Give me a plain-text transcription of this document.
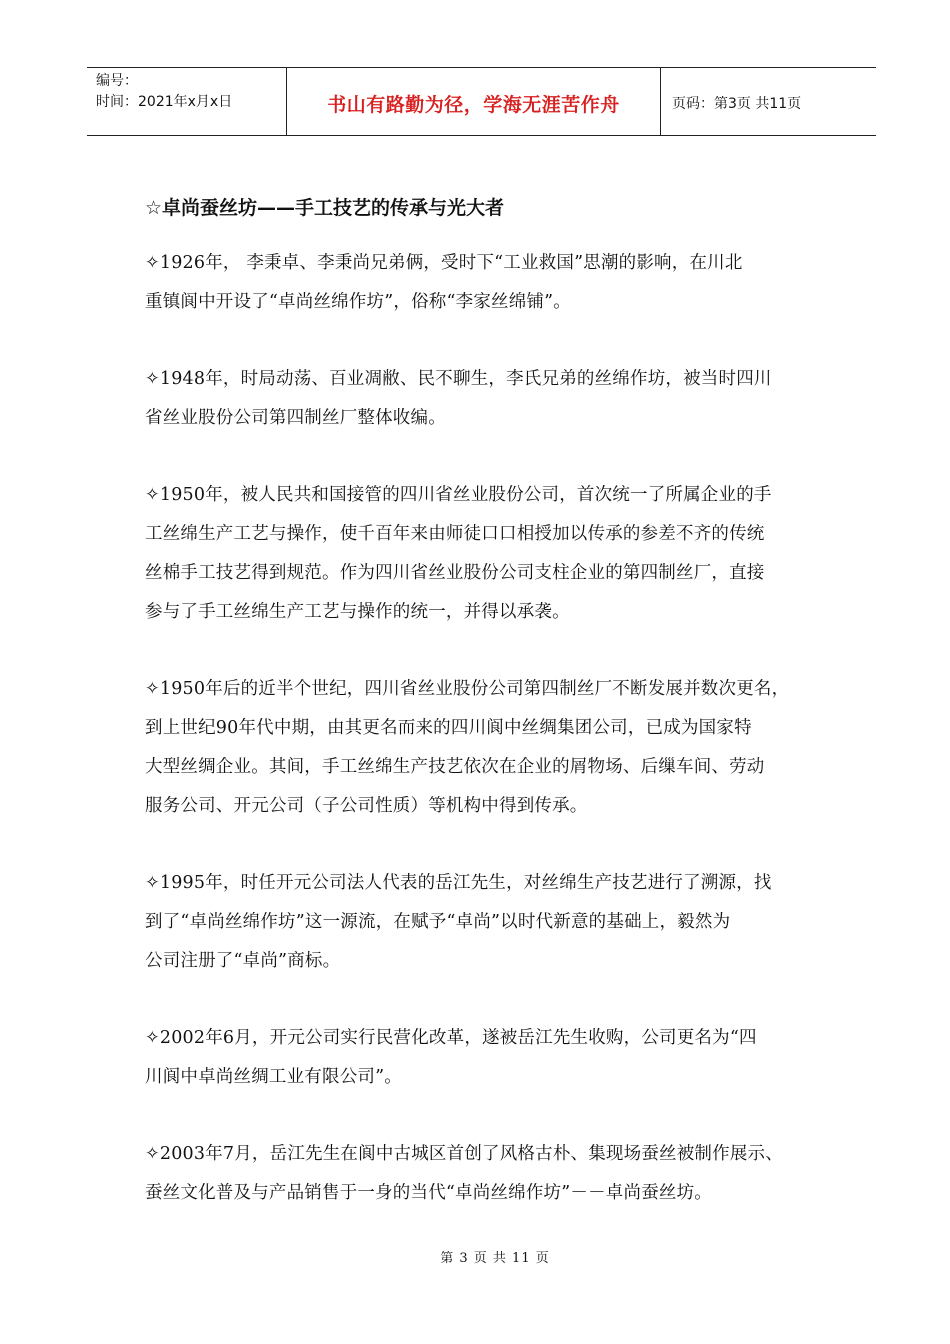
编号：
时间：2021年x月x日	书山有路勤为径，学海无涯苦作舟	页码：第3页 共11页
☆卓尚蚕丝坊——手工技艺的传承与光大者
✧1926年， 李秉卓、李秉尚兄弟俩，受时下“工业救国”思潮的影响，在川北
重镇阆中开设了“卓尚丝绵作坊”，俗称“李家丝绵铺”。
✧1948年，时局动荡、百业凋敝、民不聊生，李氏兄弟的丝绵作坊，被当时四川
省丝业股份公司第四制丝厂整体收编。
✧1950年，被人民共和国接管的四川省丝业股份公司，首次统一了所属企业的手
工丝绵生产工艺与操作，使千百年来由师徒口口相授加以传承的参差不齐的传统
丝棉手工技艺得到规范。作为四川省丝业股份公司支柱企业的第四制丝厂，直接
参与了手工丝绵生产工艺与操作的统一，并得以承袭。
✧1950年后的近半个世纪，四川省丝业股份公司第四制丝厂不断发展并数次更名，
到上世纪90年代中期，由其更名而来的四川阆中丝绸集团公司，已成为国家特
大型丝绸企业。其间，手工丝绵生产技艺依次在企业的屑物场、后缫车间、劳动
服务公司、开元公司（子公司性质）等机构中得到传承。
✧1995年，时任开元公司法人代表的岳江先生，对丝绵生产技艺进行了溯源，找
到了“卓尚丝绵作坊”这一源流，在赋予“卓尚”以时代新意的基础上，毅然为
公司注册了“卓尚”商标。
✧2002年6月，开元公司实行民营化改革，遂被岳江先生收购，公司更名为“四
川阆中卓尚丝绸工业有限公司”。
✧2003年7月，岳江先生在阆中古城区首创了风格古朴、集现场蚕丝被制作展示、
蚕丝文化普及与产品销售于一身的当代“卓尚丝绵作坊”－－卓尚蚕丝坊。
第 3 页 共 11 页
